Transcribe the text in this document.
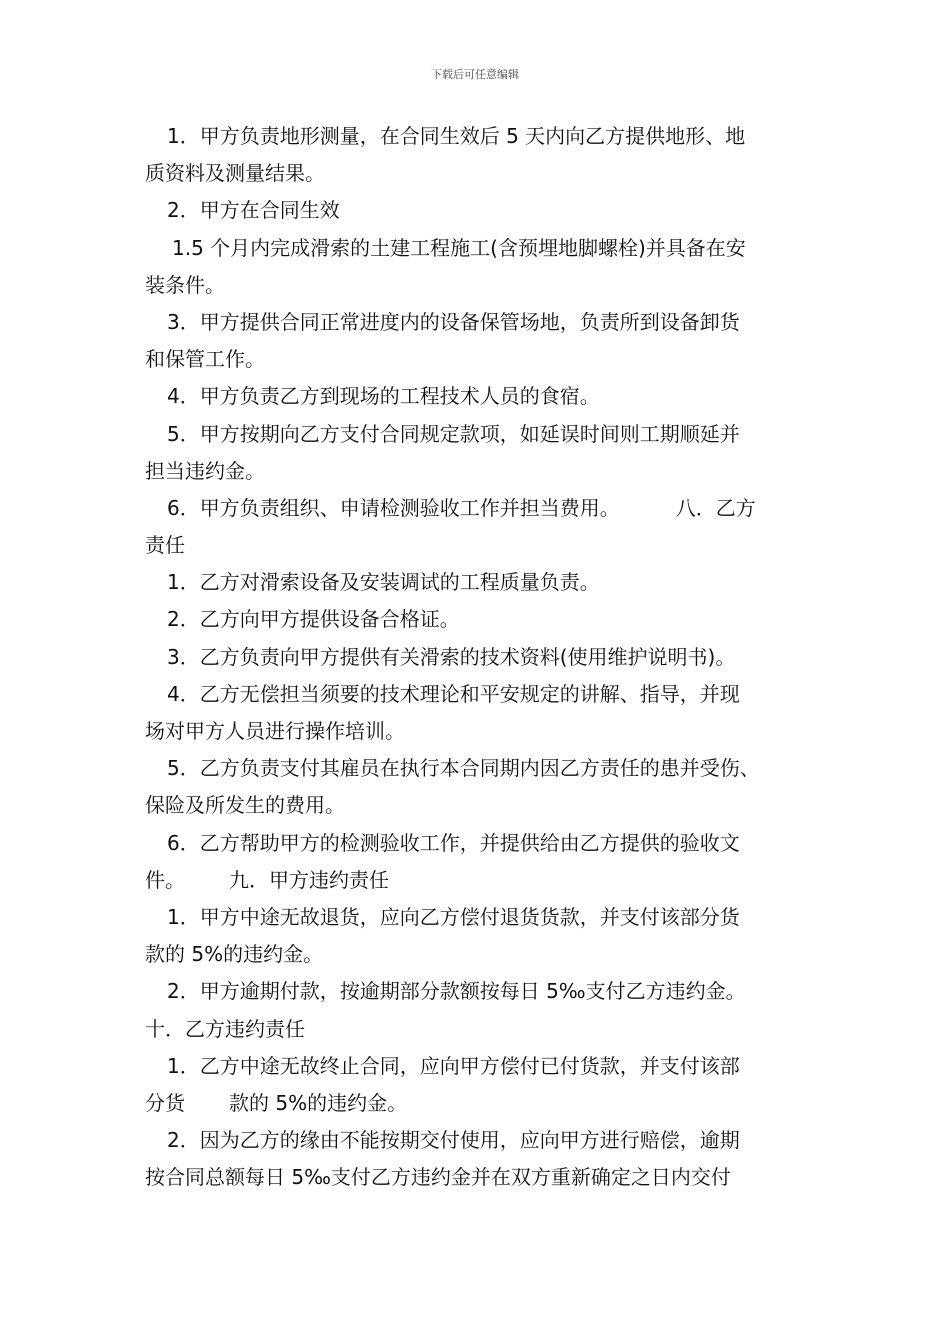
下载后可任意编辑
1．甲方负责地形测量，在合同生效后 5 天内向乙方提供地形、地
质资料及测量结果。
2．甲方在合同生效
1.5 个月内完成滑索的土建工程施工(含预埋地脚螺栓)并具备在安
装条件。
3．甲方提供合同正常进度内的设备保管场地，负责所到设备卸货
和保管工作。
4．甲方负责乙方到现场的工程技术人员的食宿。
5．甲方按期向乙方支付合同规定款项，如延误时间则工期顺延并
担当违约金。
6．甲方负责组织、申请检测验收工作并担当费用。	八．乙方
责任
1．乙方对滑索设备及安装调试的工程质量负责。
2．乙方向甲方提供设备合格证。
3．乙方负责向甲方提供有关滑索的技术资料(使用维护说明书)。
4．乙方无偿担当须要的技术理论和平安规定的讲解、指导，并现
场对甲方人员进行操作培训。
5．乙方负责支付其雇员在执行本合同期内因乙方责任的患并受伤、
保险及所发生的费用。
6．乙方帮助甲方的检测验收工作，并提供给由乙方提供的验收文
件。 九．甲方违约责任
1．甲方中途无故退货，应向乙方偿付退货货款，并支付该部分货
款的 5%的违约金。
2．甲方逾期付款，按逾期部分款额按每日 5‰支付乙方违约金。
十．乙方违约责任
1．乙方中途无故终止合同，应向甲方偿付已付货款，并支付该部
分货 款的 5%的违约金。
2．因为乙方的缘由不能按期交付使用，应向甲方进行赔偿，逾期
按合同总额每日 5‰支付乙方违约金并在双方重新确定之日内交付
